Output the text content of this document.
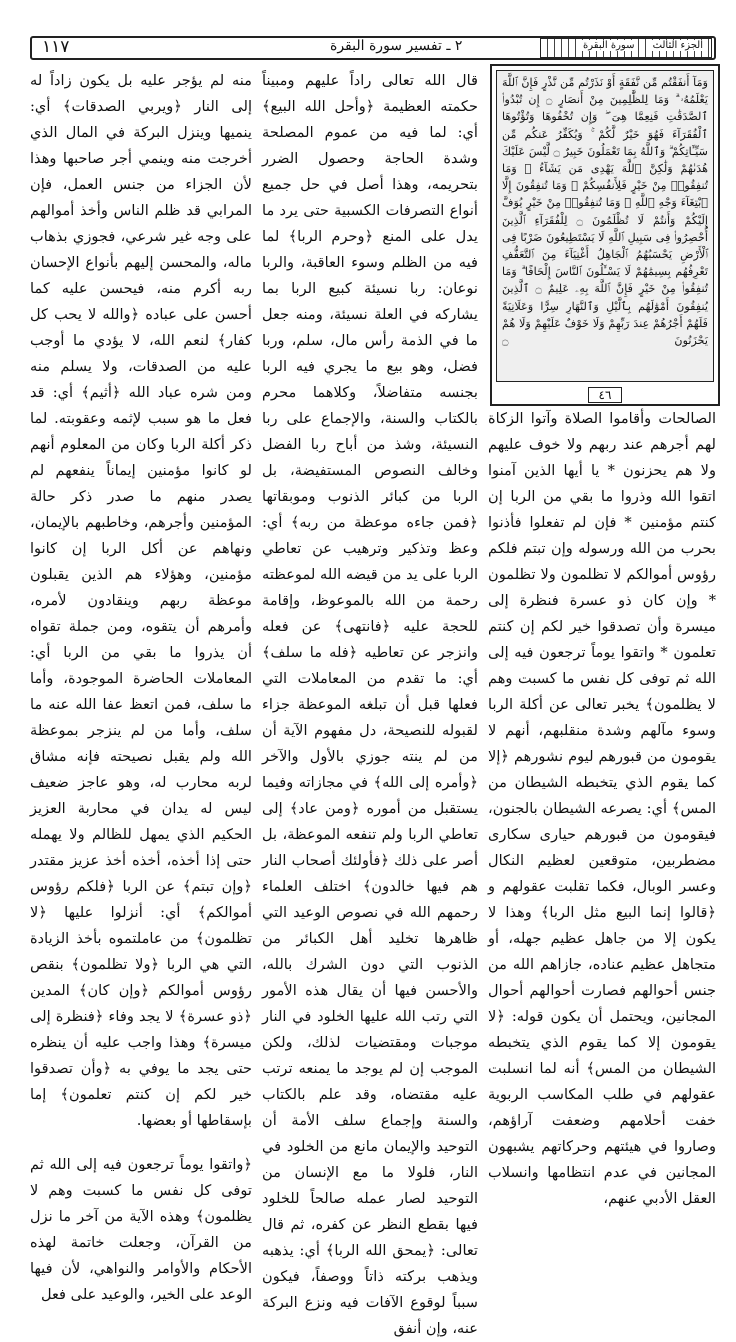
١١٧	٢ ـ تفسير سورة البقرة	الجزء الثالث
سورة البقرة
وَمَآ أَنفَقْتُم مِّن نَّفَقَةٍ أَوْ نَذَرْتُم مِّن نَّذْرٍ فَإِنَّ ٱللَّهَ يَعْلَمُهُۥ ۗ وَمَا لِلظَّٰلِمِينَ مِنْ أَنصَارٍ ۝ إِن تُبْدُوا۟ ٱلصَّدَقَٰتِ فَنِعِمَّا هِىَ ۖ وَإِن تُخْفُوهَا وَتُؤْتُوهَا ٱلْفُقَرَآءَ فَهُوَ خَيْرٌ لَّكُمْ ۚ وَيُكَفِّرُ عَنكُم مِّن سَيِّـَٔاتِكُمْ ۗ وَٱللَّهُ بِمَا تَعْمَلُونَ خَبِيرٌ ۝ لَّيْسَ عَلَيْكَ هُدَىٰهُمْ وَلَٰكِنَّ ٱللَّهَ يَهْدِى مَن يَشَآءُ ۗ وَمَا تُنفِقُوا۟ مِنْ خَيْرٍ فَلِأَنفُسِكُمْ ۚ وَمَا تُنفِقُونَ إِلَّا ٱبْتِغَآءَ وَجْهِ ٱللَّهِ ۚ وَمَا تُنفِقُوا۟ مِنْ خَيْرٍ يُوَفَّ إِلَيْكُمْ وَأَنتُمْ لَا تُظْلَمُونَ ۝ لِلْفُقَرَآءِ ٱلَّذِينَ أُحْصِرُوا۟ فِى سَبِيلِ ٱللَّهِ لَا يَسْتَطِيعُونَ ضَرْبًا فِى ٱلْأَرْضِ يَحْسَبُهُمُ ٱلْجَاهِلُ أَغْنِيَآءَ مِنَ ٱلتَّعَفُّفِ تَعْرِفُهُم بِسِيمَٰهُمْ لَا يَسْـَٔلُونَ ٱلنَّاسَ إِلْحَافًا ۗ وَمَا تُنفِقُوا۟ مِنْ خَيْرٍ فَإِنَّ ٱللَّهَ بِهِۦ عَلِيمٌ ۝ ٱلَّذِينَ يُنفِقُونَ أَمْوَٰلَهُم بِٱلَّيْلِ وَٱلنَّهَارِ سِرًّا وَعَلَانِيَةً فَلَهُمْ أَجْرُهُمْ عِندَ رَبِّهِمْ وَلَا خَوْفٌ عَلَيْهِمْ وَلَا هُمْ يَحْزَنُونَ ۝
٤٦

الصالحات وأقاموا الصلاة وآتوا الزكاة لهم أجرهم عند ربهم ولا خوف عليهم ولا هم يحزنون * يا أيها الذين آمنوا اتقوا الله وذروا ما بقي من الربا إن كنتم مؤمنين * فإن لم تفعلوا فأذنوا بحرب من الله ورسوله وإن تبتم فلكم رؤوس أموالكم لا تظلمون ولا تظلمون * وإن كان ذو عسرة فنظرة إلى ميسرة وأن تصدقوا خير لكم إن كنتم تعلمون * واتقوا يوماً ترجعون فيه إلى الله ثم توفى كل نفس ما كسبت وهم لا يظلمون﴾ يخبر تعالى عن أكلة الربا وسوء مآلهم وشدة منقلبهم، أنهم لا يقومون من قبورهم ليوم نشورهم ﴿إلا كما يقوم الذي يتخبطه الشيطان من المس﴾ أي: يصرعه الشيطان بالجنون، فيقومون من قبورهم حيارى سكارى مضطربين، متوقعين لعظيم النكال وعسر الوبال، فكما تقلبت عقولهم و ﴿قالوا إنما البيع مثل الربا﴾ وهذا لا يكون إلا من جاهل عظيم جهله، أو متجاهل عظيم عناده، جازاهم الله من جنس أحوالهم فصارت أحوالهم أحوال المجانين، ويحتمل أن يكون قوله: ﴿لا يقومون إلا كما يقوم الذي يتخبطه الشيطان من المس﴾ أنه لما انسلبت عقولهم في طلب المكاسب الربوية خفت أحلامهم وضعفت آراؤهم، وصاروا في هيئتهم وحركاتهم يشبهون المجانين في عدم انتظامها وانسلاب العقل الأدبي عنهم،

قال الله تعالى راداً عليهم ومبيناً حكمته العظيمة ﴿وأحل الله البيع﴾ أي: لما فيه من عموم المصلحة وشدة الحاجة وحصول الضرر بتحريمه، وهذا أصل في حل جميع أنواع التصرفات الكسبية حتى يرد ما يدل على المنع ﴿وحرم الربا﴾ لما فيه من الظلم وسوء العاقبة، والربا نوعان: ربا نسيئة كبيع الربا بما يشاركه في العلة نسيئة، ومنه جعل ما في الذمة رأس مال، سلم، وربا فضل، وهو بيع ما يجري فيه الربا بجنسه متفاضلاً، وكلاهما محرم بالكتاب والسنة، والإجماع على ربا النسيئة، وشذ من أباح ربا الفضل وخالف النصوص المستفيضة، بل الربا من كبائر الذنوب وموبقاتها ﴿فمن جاءه موعظة من ربه﴾ أي: وعظ وتذكير وترهيب عن تعاطي الربا على يد من قيضه الله لموعظته رحمة من الله بالموعوظ، وإقامة للحجة عليه ﴿فانتهى﴾ عن فعله وانزجر عن تعاطيه ﴿فله ما سلف﴾ أي: ما تقدم من المعاملات التي فعلها قبل أن تبلغه الموعظة جزاء لقبوله للنصيحة، دل مفهوم الآية أن من لم ينته جوزي بالأول والآخر ﴿وأمره إلى الله﴾ في مجازاته وفيما يستقبل من أموره ﴿ومن عاد﴾ إلى تعاطي الربا ولم تنفعه الموعظة، بل أصر على ذلك ﴿فأولئك أصحاب النار هم فيها خالدون﴾ اختلف العلماء رحمهم الله في نصوص الوعيد التي ظاهرها تخليد أهل الكبائر من الذنوب التي دون الشرك بالله، والأحسن فيها أن يقال هذه الأمور التي رتب الله عليها الخلود في النار موجبات ومقتضيات لذلك، ولكن الموجب إن لم يوجد ما يمنعه ترتب عليه مقتضاه، وقد علم بالكتاب والسنة وإجماع سلف الأمة أن التوحيد والإيمان مانع من الخلود في النار، فلولا ما مع الإنسان من التوحيد لصار عمله صالحاً للخلود فيها بقطع النظر عن كفره، ثم قال تعالى: ﴿يمحق الله الربا﴾ أي: يذهبه ويذهب بركته ذاتاً ووصفاً، فيكون سبباً لوقوع الآفات فيه ونزع البركة عنه، وإن أنفق

منه لم يؤجر عليه بل يكون زاداً له إلى النار ﴿ويربي الصدقات﴾ أي: ينميها وينزل البركة في المال الذي أخرجت منه وينمي أجر صاحبها وهذا لأن الجزاء من جنس العمل، فإن المرابي قد ظلم الناس وأخذ أموالهم على وجه غير شرعي، فجوزي بذهاب ماله، والمحسن إليهم بأنواع الإحسان ربه أكرم منه، فيحسن عليه كما أحسن على عباده ﴿والله لا يحب كل كفار﴾ لنعم الله، لا يؤدي ما أوجب عليه من الصدقات، ولا يسلم منه ومن شره عباد الله ﴿أثيم﴾ أي: قد فعل ما هو سبب لإثمه وعقوبته. لما ذكر أكلة الربا وكان من المعلوم أنهم لو كانوا مؤمنين إيماناً ينفعهم لم يصدر منهم ما صدر ذكر حالة المؤمنين وأجرهم، وخاطبهم بالإيمان، ونهاهم عن أكل الربا إن كانوا مؤمنين، وهؤلاء هم الذين يقبلون موعظة ربهم وينقادون لأمره، وأمرهم أن يتقوه، ومن جملة تقواه أن يذروا ما بقي من الربا أي: المعاملات الحاضرة الموجودة، وأما ما سلف، فمن اتعظ عفا الله عنه ما سلف، وأما من لم ينزجر بموعظة الله ولم يقبل نصيحته فإنه مشاق لربه محارب له، وهو عاجز ضعيف ليس له يدان في محاربة العزيز الحكيم الذي يمهل للظالم ولا يهمله حتى إذا أخذه، أخذه أخذ عزيز مقتدر ﴿وإن تبتم﴾ عن الربا ﴿فلكم رؤوس أموالكم﴾ أي: أنزلوا عليها ﴿لا تظلمون﴾ من عاملتموه بأخذ الزيادة التي هي الربا ﴿ولا تظلمون﴾ بنقص رؤوس أموالكم ﴿وإن كان﴾ المدين ﴿ذو عسرة﴾ لا يجد وفاء ﴿فنظرة إلى ميسرة﴾ وهذا واجب عليه أن ينظره حتى يجد ما يوفي به ﴿وأن تصدقوا خير لكم إن كنتم تعلمون﴾ إما بإسقاطها أو بعضها.

﴿واتقوا يوماً ترجعون فيه إلى الله ثم توفى كل نفس ما كسبت وهم لا يظلمون﴾ وهذه الآية من آخر ما نزل من القرآن، وجعلت خاتمة لهذه الأحكام والأوامر والنواهي، لأن فيها الوعد على الخير، والوعيد على فعل
